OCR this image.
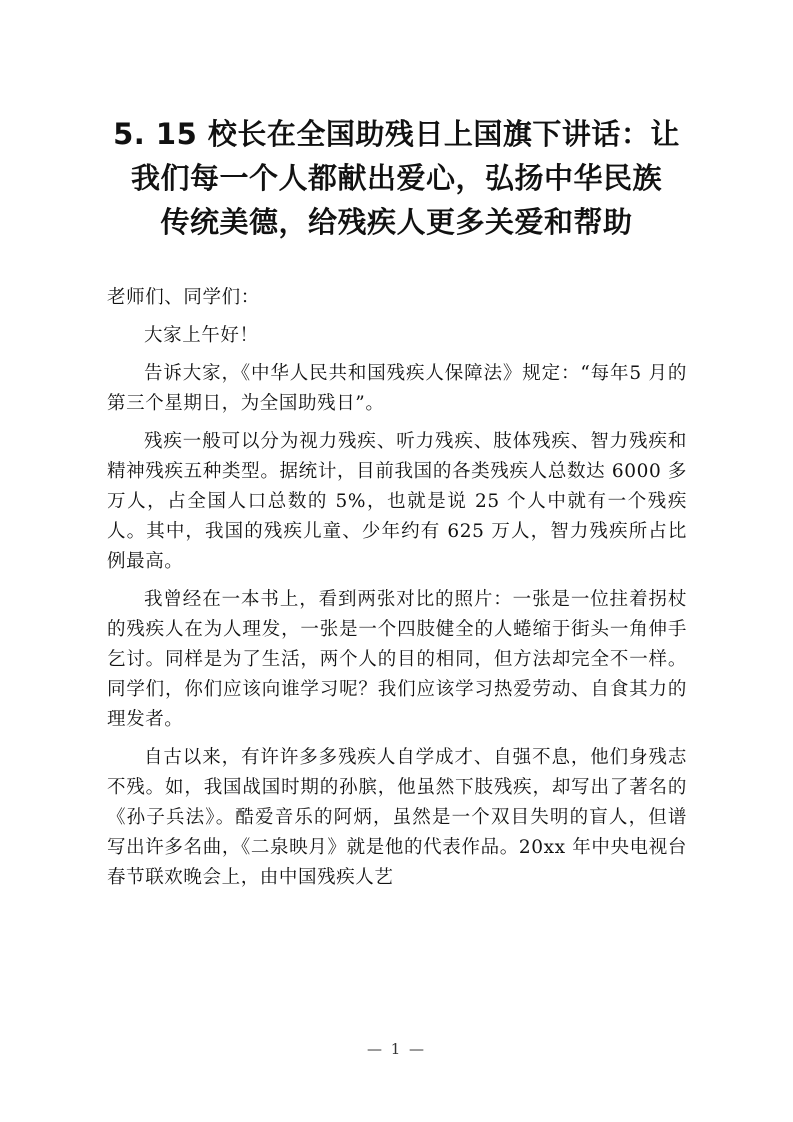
5. 15 校长在全国助残日上国旗下讲话：让
我们每一个人都献出爱心，弘扬中华民族
传统美德，给残疾人更多关爱和帮助

老师们、同学们：

大家上午好！

告诉大家，《中华人民共和国残疾人保障法》规定：“每年5 月的第三个星期日，为全国助残日”。

残疾一般可以分为视力残疾、听力残疾、肢体残疾、智力残疾和精神残疾五种类型。据统计，目前我国的各类残疾人总数达 6000 多万人，占全国人口总数的 5%，也就是说 25 个人中就有一个残疾人。其中，我国的残疾儿童、少年约有 625 万人，智力残疾所占比例最高。

我曾经在一本书上，看到两张对比的照片：一张是一位拄着拐杖的残疾人在为人理发，一张是一个四肢健全的人蜷缩于街头一角伸手乞讨。同样是为了生活，两个人的目的相同，但方法却完全不一样。同学们，你们应该向谁学习呢？我们应该学习热爱劳动、自食其力的理发者。

自古以来，有许许多多残疾人自学成才、自强不息，他们身残志不残。如，我国战国时期的孙膑，他虽然下肢残疾，却写出了著名的《孙子兵法》。酷爱音乐的阿炳，虽然是一个双目失明的盲人，但谱写出许多名曲，《二泉映月》就是他的代表作品。20xx 年中央电视台春节联欢晚会上，由中国残疾人艺

— 1 —
